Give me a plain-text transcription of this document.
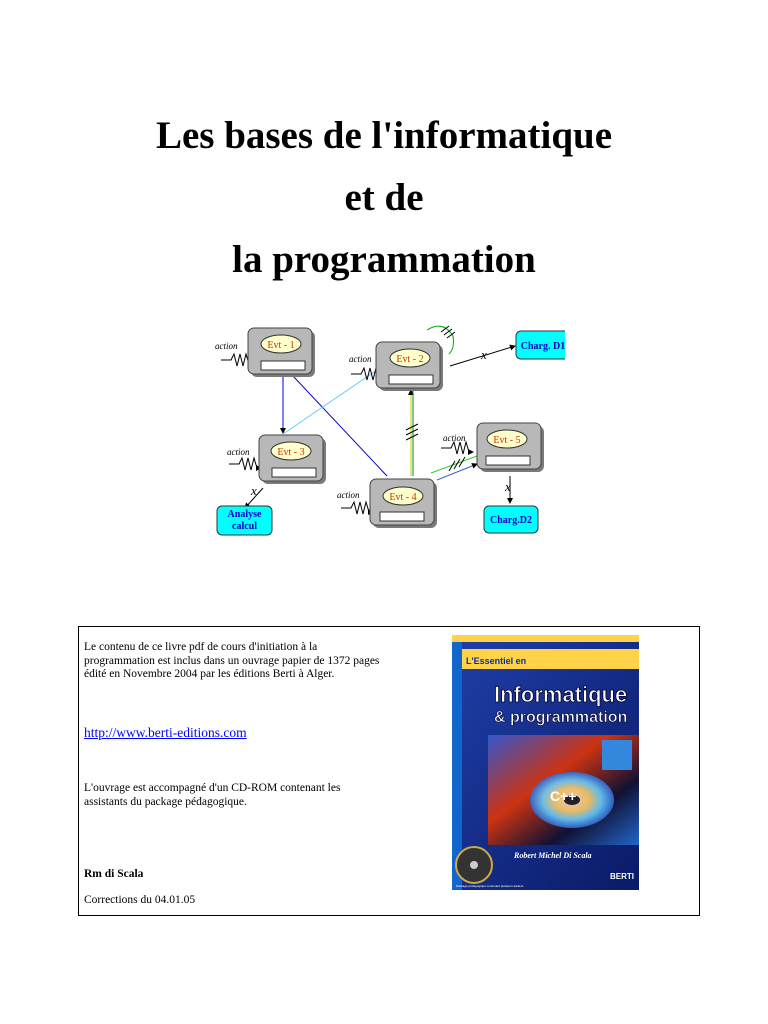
Les bases de l'informatique
et de
la programmation
x
x	x
action
action
action
action
action
Evt - 1
Evt - 2
Evt - 3
Evt - 4
Evt - 5
Charg. D1
Analyse
calcul
Charg.D2
Le contenu de ce livre pdf de cours d'initiation à la programmation est inclus dans un ouvrage papier de 1372 pages édité en Novembre 2004 par les éditions Berti à Alger.
http://www.berti-editions.com
L'ouvrage est accompagné d'un CD-ROM contenant les assistants du package pédagogique.
Rm di Scala
Corrections du 04.01.05
L'Essentiel en
Informatique
& programmation
C++
Robert Michel Di Scala
BERTI
Package pédagogique contenant plusieurs ateliers
